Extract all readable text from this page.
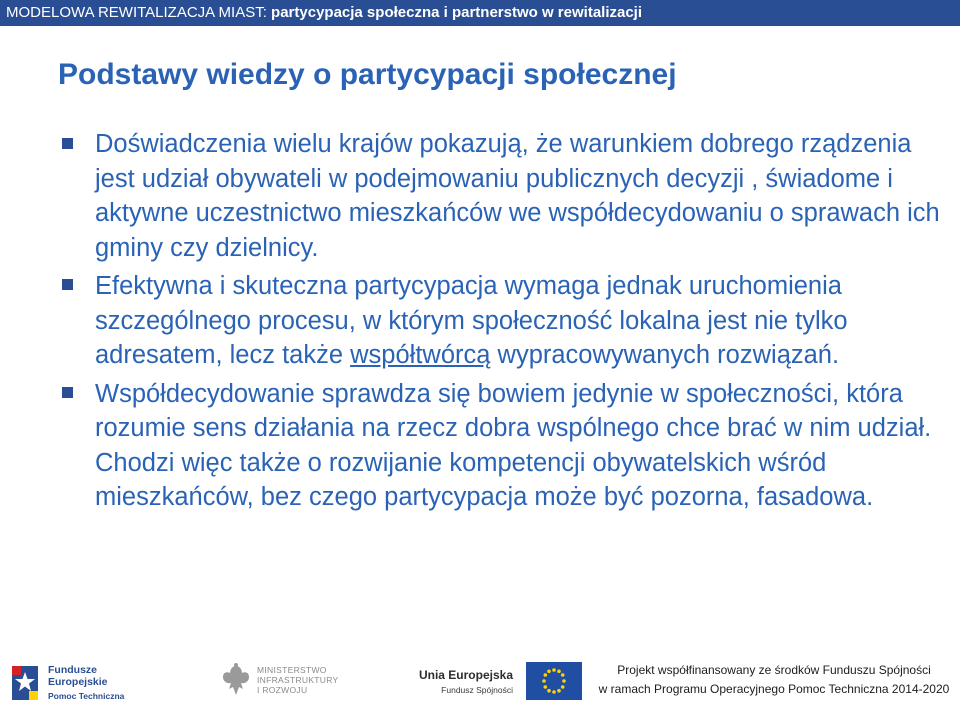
MODELOWA REWITALIZACJA MIAST: partycypacja społeczna i partnerstwo w rewitalizacji
Podstawy wiedzy o partycypacji społecznej
Doświadczenia wielu krajów pokazują, że warunkiem dobrego rządzenia jest udział obywateli w podejmowaniu publicznych decyzji , świadome i aktywne uczestnictwo mieszkańców we współdecydowaniu o sprawach ich gminy czy dzielnicy.
Efektywna i skuteczna partycypacja wymaga jednak uruchomienia szczególnego procesu, w którym społeczność lokalna jest nie tylko adresatem, lecz także współtwórcą wypracowywanych rozwiązań.
Współdecydowanie sprawdza się bowiem jedynie w społeczności, która rozumie sens działania na rzecz dobra wspólnego chce brać w nim udział. Chodzi więc także o rozwijanie kompetencji obywatelskich wśród mieszkańców, bez czego partycypacja może być pozorna, fasadowa.
Fundusze
Europejskie
Pomoc Techniczna
MINISTERSTWO
INFRASTRUKTURY
I ROZWOJU
Unia Europejska
Fundusz Spójności
Projekt współfinansowany ze środków Funduszu Spójności
w ramach Programu Operacyjnego Pomoc Techniczna 2014-2020
